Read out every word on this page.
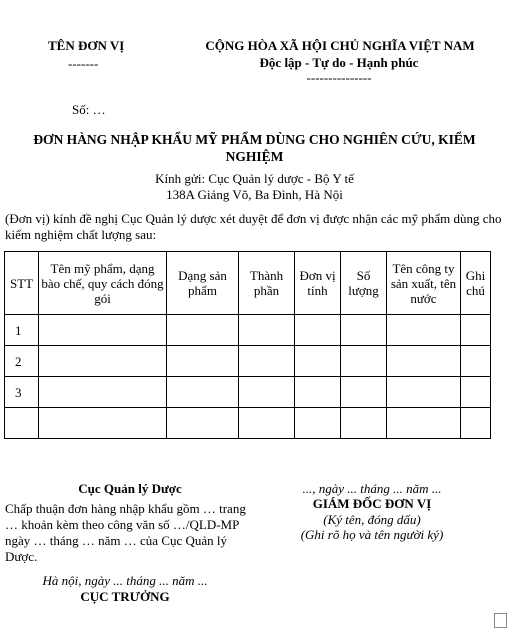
TÊN ĐƠN VỊ
-------
CỘNG HÒA XÃ HỘI CHỦ NGHĨA VIỆT NAM
Độc lập - Tự do - Hạnh phúc
---------------
Số: …
ĐƠN HÀNG NHẬP KHẨU MỸ PHẨM DÙNG CHO NGHIÊN CỨU, KIỂM NGHIỆM
Kính gửi: Cục Quản lý dược - Bộ Y tế
138A Giảng Võ, Ba Đình, Hà Nội
(Đơn vị) kính đề nghị Cục Quản lý dược xét duyệt để đơn vị được nhận các mỹ phẩm dùng cho kiểm nghiệm chất lượng sau:
STT	Tên mỹ phẩm, dạng bào chế, quy cách đóng gói	Dạng sản phẩm	Thành phần	Đơn vị tính	Số lượng	Tên công ty sản xuất, tên nước	Ghi chú
1							
2							
3							

Cục Quản lý Dược
Chấp thuận đơn hàng nhập khẩu gồm … trang … khoản kèm theo công văn số …/QLD-MP ngày … tháng … năm … của Cục Quản lý Dược.
Hà nội, ngày ... tháng ... năm ...
CỤC TRƯỞNG
..., ngày ... tháng ... năm ...
GIÁM ĐỐC ĐƠN VỊ
(Ký tên, đóng dấu)
(Ghi rõ họ và tên người ký)
